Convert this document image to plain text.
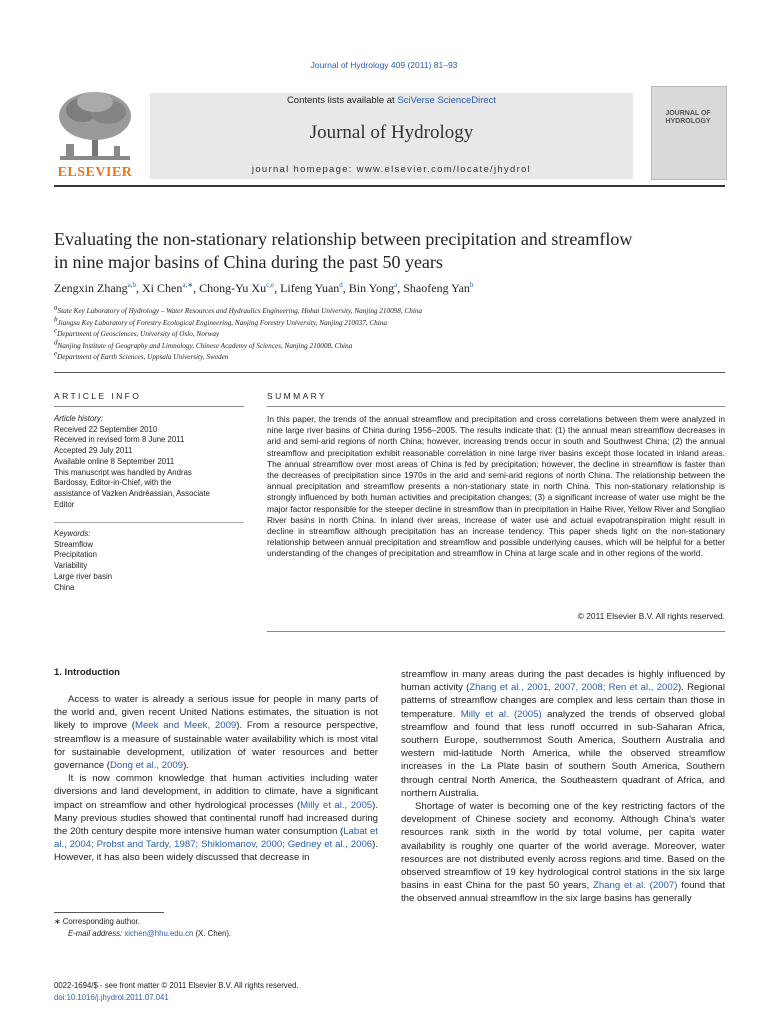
Journal of Hydrology 409 (2011) 81–93
ELSEVIER
Contents lists available at SciVerse ScienceDirect
Journal of Hydrology
journal homepage: www.elsevier.com/locate/jhydrol
JOURNAL OF
HYDROLOGY
Evaluating the non-stationary relationship between precipitation and streamflow
in nine major basins of China during the past 50 years
Zengxin Zhang$^{a,b}$, Xi Chen$^{a,∗}$, Chong-Yu Xu$^{c,e}$, Lifeng Yuan$^d$, Bin Yong$^a$, Shaofeng Yan$^b$
$^a$State Key Laboratory of Hydrology – Water Resources and Hydraulics Engineering, Hohai University, Nanjing 210098, China
$^b$Jiangsu Key Laboratory of Forestry Ecological Engineering, Nanjing Forestry University, Nanjing 210037, China
$^c$Department of Geosciences, University of Oslo, Norway
$^d$Nanjing Institute of Geography and Limnology, Chinese Academy of Sciences, Nanjing 210008, China
$^e$Department of Earth Sciences, Uppsala University, Sweden
ARTICLE INFO	SUMMARY
Article history:
Received 22 September 2010
Received in revised form 8 June 2011
Accepted 29 July 2011
Available online 8 September 2011
This manuscript was handled by Andras
Bardossy, Editor-in-Chief, with the
assistance of Vazken Andréassian, Associate
Editor
Keywords:
Streamflow
Precipitation
Variability
Large river basin
China
In this paper, the trends of the annual streamflow and precipitation and cross correlations between them were analyzed in nine large river basins of China during 1956–2005. The results indicate that: (1) the annual mean streamflow decreases in arid and semi-arid regions of north China; however, increasing trends occur in south and Southwest China; (2) the annual streamflow and precipitation exhibit reasonable correlation in nine large river basins except those located in inland areas. The annual streamflow over most areas of China is fed by precipitation; however, the decline in streamflow is faster than the decreases of precipitation since 1970s in the arid and semi-arid regions of north China. The relationship between the annual precipitation and streamflow presents a non-stationary state in north China. This non-stationary relationship is strongly influenced by both human activities and precipitation changes; (3) a significant increase of water use might be the major factor responsible for the steeper decline in streamflow than in precipitation in Haihe River, Yellow River and Songliao River basins in north China. In inland river areas, increase of water use and actual evapotranspiration might result in decline in streamflow although precipitation has an increase tendency. This paper sheds light on the non-stationary relationship between annual precipitation and streamflow and possible underlying causes, which will be helpful for a better understanding of the changes of precipitation and streamflow in China at large scale and in other regions of the world.
© 2011 Elsevier B.V. All rights reserved.
1. Introduction

Access to water is already a serious issue for people in many parts of the world and, given recent United Nations estimates, the situation is not likely to improve (Meek and Meek, 2009). From a resource perspective, streamflow is a measure of sustainable water availability which is most vital for sustainable development, utilization of water resources and better governance (Dong et al., 2009).

It is now common knowledge that human activities including water diversions and land development, in addition to climate, have a significant impact on streamflow and other hydrological processes (Milly et al., 2005). Many previous studies showed that continental runoff had increased during the 20th century despite more intensive human water consumption (Labat et al., 2004; Probst and Tardy, 1987; Shiklomanov, 2000; Gedney et al., 2006). However, it has also been widely discussed that decrease in

streamflow in many areas during the past decades is highly influenced by human activity (Zhang et al., 2001, 2007, 2008; Ren et al., 2002). Regional patterns of streamflow changes are complex and less certain than those in temperature. Milly et al. (2005) analyzed the trends of observed global streamflow and found that less runoff occurred in sub-Saharan Africa, southern Europe, southernmost South America, Southern Australia and western mid-latitude North America, while the observed streamflow increases in the La Plate basin of southern South America, Southern through central North America, the Southeastern quadrant of Africa, and northern Australia.

Shortage of water is becoming one of the key restricting factors of the development of Chinese society and economy. Although China's water resources rank sixth in the world by total volume, per capita water availability is roughly one quarter of the world average. Moreover, water resources are not distributed evenly across regions and time. Based on the observed streamflow of 19 key hydrological control stations in the six large basins in east China for the past 50 years, Zhang et al. (2007) found that the observed annual streamflow in the six large basins has generally

∗ Corresponding author.
E-mail address: xichen@hhu.edu.cn (X. Chen).
0022-1694/$ - see front matter © 2011 Elsevier B.V. All rights reserved.
doi:10.1016/j.jhydrol.2011.07.041
